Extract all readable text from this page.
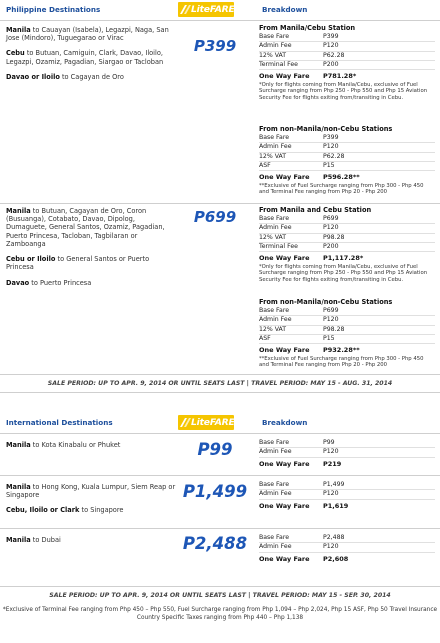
Philippine Destinations	LiteFARE	Breakdown

Manila to Cauayan (Isabela), Legazpi, Naga, San Jose (Mindoro), Tuguegarao or Virac

Cebu to Butuan, Camiguin, Clark, Davao, Iloilo, Legazpi, Ozamiz, Pagadian, Siargao or Tacloban

Davao or Iloilo to Cagayan de Oro

P399
From Manila/Cebu Station
Base Fare	P399
Admin Fee	P120
12% VAT	P62.28
Terminal Fee	P200
One Way Fare	P781.28*
*Only for flights coming from Manila/Cebu, exclusive of Fuel Surcharge ranging from Php 250 - Php 550 and Php 15 Aviation Security Fee for flights exiting from/transiting in Cebu.
From non-Manila/non-Cebu Stations
Base Fare	P399
Admin Fee	P120
12% VAT	P62.28
ASF	P15
One Way Fare	P596.28**
**Exclusive of Fuel Surcharge ranging from Php 300 - Php 450 and Terminal Fee ranging from Php 20 - Php 200

Manila to Butuan, Cagayan de Oro, Coron (Busuanga), Cotabato, Davao, Dipolog, Dumaguete, General Santos, Ozamiz, Pagadian, Puerto Princesa, Tacloban, Tagbilaran or Zamboanga

Cebu or Iloilo to General Santos or Puerto Princesa

Davao to Puerto Princesa

P699	From Manila and Cebu Station
Base Fare	P699
Admin Fee	P120
12% VAT	P98.28
Terminal Fee	P200
One Way Fare	P1,117.28*
*Only for flights coming from Manila/Cebu, exclusive of Fuel Surcharge ranging from Php 250 - Php 550 and Php 15 Aviation Security Fee for flights exiting from/transiting in Cebu.
From non-Manila/non-Cebu Stations
Base Fare	P699
Admin Fee	P120
12% VAT	P98.28
ASF	P15
One Way Fare	P932.28**
**Exclusive of Fuel Surcharge ranging from Php 300 - Php 450 and Terminal Fee ranging from Php 20 - Php 200
SALE PERIOD: UP TO APR. 9, 2014 OR UNTIL SEATS LAST | TRAVEL PERIOD: MAY 15 - AUG. 31, 2014
International Destinations	LiteFARE	Breakdown

Manila to Kota Kinabalu or Phuket	P99	Base Fare	P99
Admin Fee	P120
One Way Fare	P219

Manila to Hong Kong, Kuala Lumpur, Siem Reap or Singapore

Cebu, Iloilo or Clark to Singapore

P1,499	Base Fare	P1,499
Admin Fee	P120
One Way Fare	P1,619

Manila to Dubai	P2,488	Base Fare	P2,488
Admin Fee	P120
One Way Fare	P2,608
SALE PERIOD: UP TO APR. 9, 2014 OR UNTIL SEATS LAST | TRAVEL PERIOD: MAY 15 - SEP. 30, 2014
*Exclusive of Terminal Fee ranging from Php 450 – Php 550, Fuel Surcharge ranging from Php 1,094 – Php 2,024, Php 15 ASF, Php 50 Travel Insurance
Country Specific Taxes ranging from Php 440 – Php 1,138
